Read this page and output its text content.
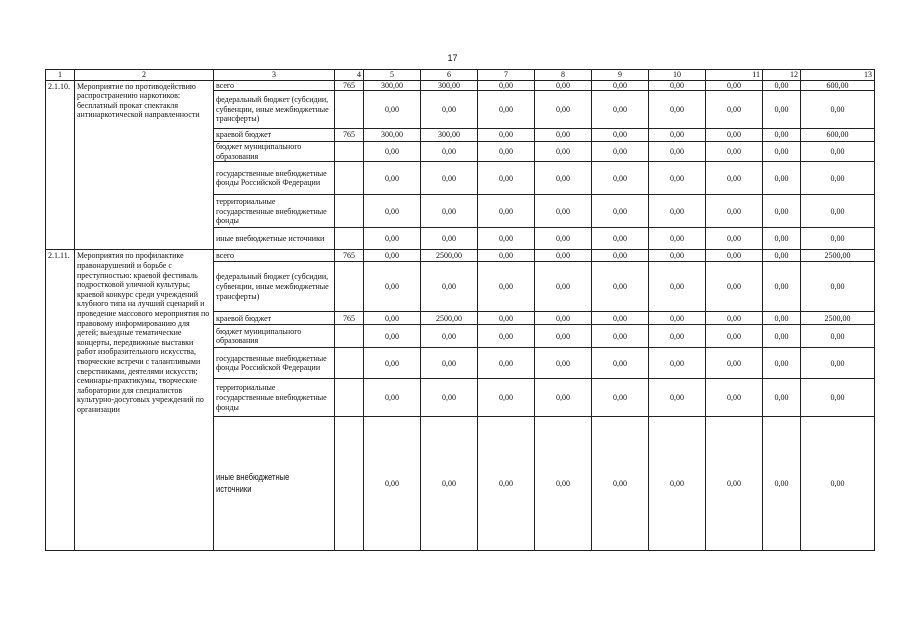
17
1	2	3	4	5	6	7	8	9	10	11	12	13
2.1.10.	Мероприятие по противодействию распространению наркотиков: бесплатный прокат спектакля антинаркотической направленности	всего	765	300,00	300,00	0,00	0,00	0,00	0,00	0,00	0,00	600,00
		федеральный бюджет (субсидии, субвенции, иные межбюджетные трансферты)		0,00	0,00	0,00	0,00	0,00	0,00	0,00	0,00	0,00
		краевой бюджет	765	300,00	300,00	0,00	0,00	0,00	0,00	0,00	0,00	600,00
		бюджет муниципального образования		0,00	0,00	0,00	0,00	0,00	0,00	0,00	0,00	0,00
		государственные внебюджетные фонды Российской Федерации		0,00	0,00	0,00	0,00	0,00	0,00	0,00	0,00	0,00
		территориальные государственные внебюджетные фонды		0,00	0,00	0,00	0,00	0,00	0,00	0,00	0,00	0,00
		иные внебюджетные источники		0,00	0,00	0,00	0,00	0,00	0,00	0,00	0,00	0,00
2.1.11.	Мероприятия по профилактике правонарушений и борьбе с преступностью: краевой фестиваль подростковой уличной культуры; краевой конкурс среди учреждений клубного типа на лучший сценарий и проведение массового мероприятия по правовому информированию для детей; выездные тематические концерты, передвижные выставки работ изобразительного искусства, творческие встречи с талантливыми сверстниками, деятелями искусств; семинары-практикумы, творческие лаборатории для специалистов культурно-досуговых учреждений по организации	всего	765	0,00	2500,00	0,00	0,00	0,00	0,00	0,00	0,00	2500,00
		федеральный бюджет (субсидии, субвенции, иные межбюджетные трансферты)		0,00	0,00	0,00	0,00	0,00	0,00	0,00	0,00	0,00
		краевой бюджет	765	0,00	2500,00	0,00	0,00	0,00	0,00	0,00	0,00	2500,00
		бюджет муниципального образования		0,00	0,00	0,00	0,00	0,00	0,00	0,00	0,00	0,00
		государственные внебюджетные фонды Российской Федерации		0,00	0,00	0,00	0,00	0,00	0,00	0,00	0,00	0,00
		территориальные государственные внебюджетные фонды		0,00	0,00	0,00	0,00	0,00	0,00	0,00	0,00	0,00
		иные внебюджетные источники		0,00	0,00	0,00	0,00	0,00	0,00	0,00	0,00	0,00
